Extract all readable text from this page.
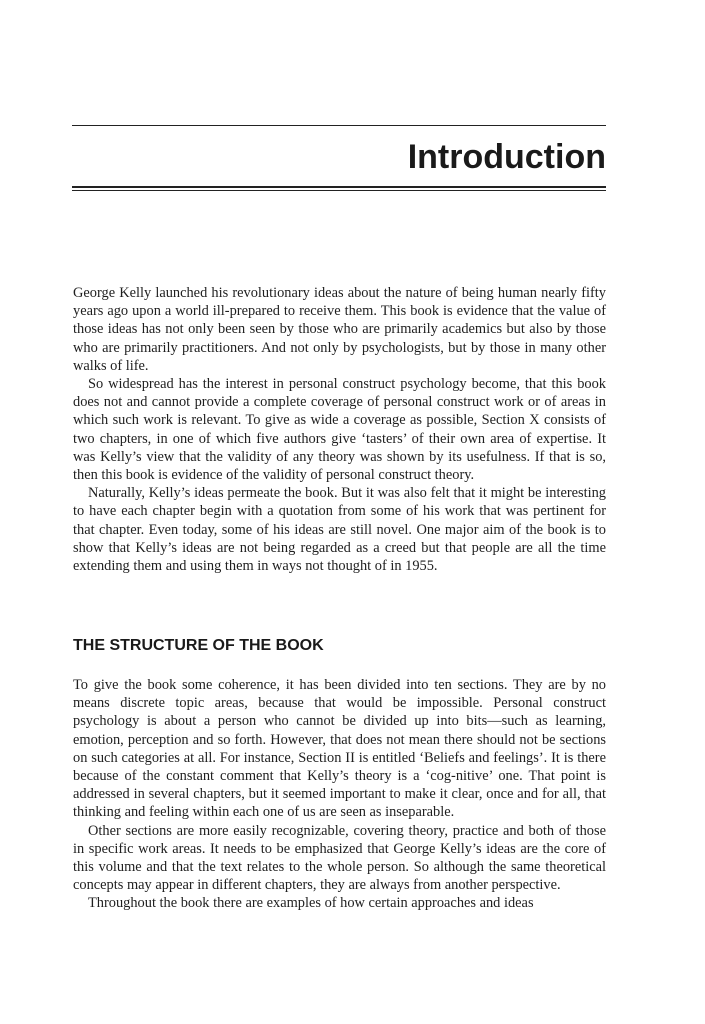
Introduction

George Kelly launched his revolutionary ideas about the nature of being human nearly fifty years ago upon a world ill-prepared to receive them. This book is evidence that the value of those ideas has not only been seen by those who are primarily academics but also by those who are primarily practitioners. And not only by psychologists, but by those in many other walks of life.

So widespread has the interest in personal construct psychology become, that this book does not and cannot provide a complete coverage of personal construct work or of areas in which such work is relevant. To give as wide a coverage as possible, Section X consists of two chapters, in one of which five authors give ‘tasters’ of their own area of expertise. It was Kelly’s view that the validity of any theory was shown by its usefulness. If that is so, then this book is evidence of the validity of personal construct theory.

Naturally, Kelly’s ideas permeate the book. But it was also felt that it might be interesting to have each chapter begin with a quotation from some of his work that was pertinent for that chapter. Even today, some of his ideas are still novel. One major aim of the book is to show that Kelly’s ideas are not being regarded as a creed but that people are all the time extending them and using them in ways not thought of in 1955.

THE STRUCTURE OF THE BOOK

To give the book some coherence, it has been divided into ten sections. They are by no means discrete topic areas, because that would be impossible. Personal construct psychology is about a person who cannot be divided up into bits—such as learning, emotion, perception and so forth. However, that does not mean there should not be sections on such categories at all. For instance, Section II is entitled ‘Beliefs and feelings’. It is there because of the constant comment that Kelly’s theory is a ‘cog-nitive’ one. That point is addressed in several chapters, but it seemed important to make it clear, once and for all, that thinking and feeling within each one of us are seen as inseparable.

Other sections are more easily recognizable, covering theory, practice and both of those in specific work areas. It needs to be emphasized that George Kelly’s ideas are the core of this volume and that the text relates to the whole person. So although the same theoretical concepts may appear in different chapters, they are always from another perspective.

Throughout the book there are examples of how certain approaches and ideas
